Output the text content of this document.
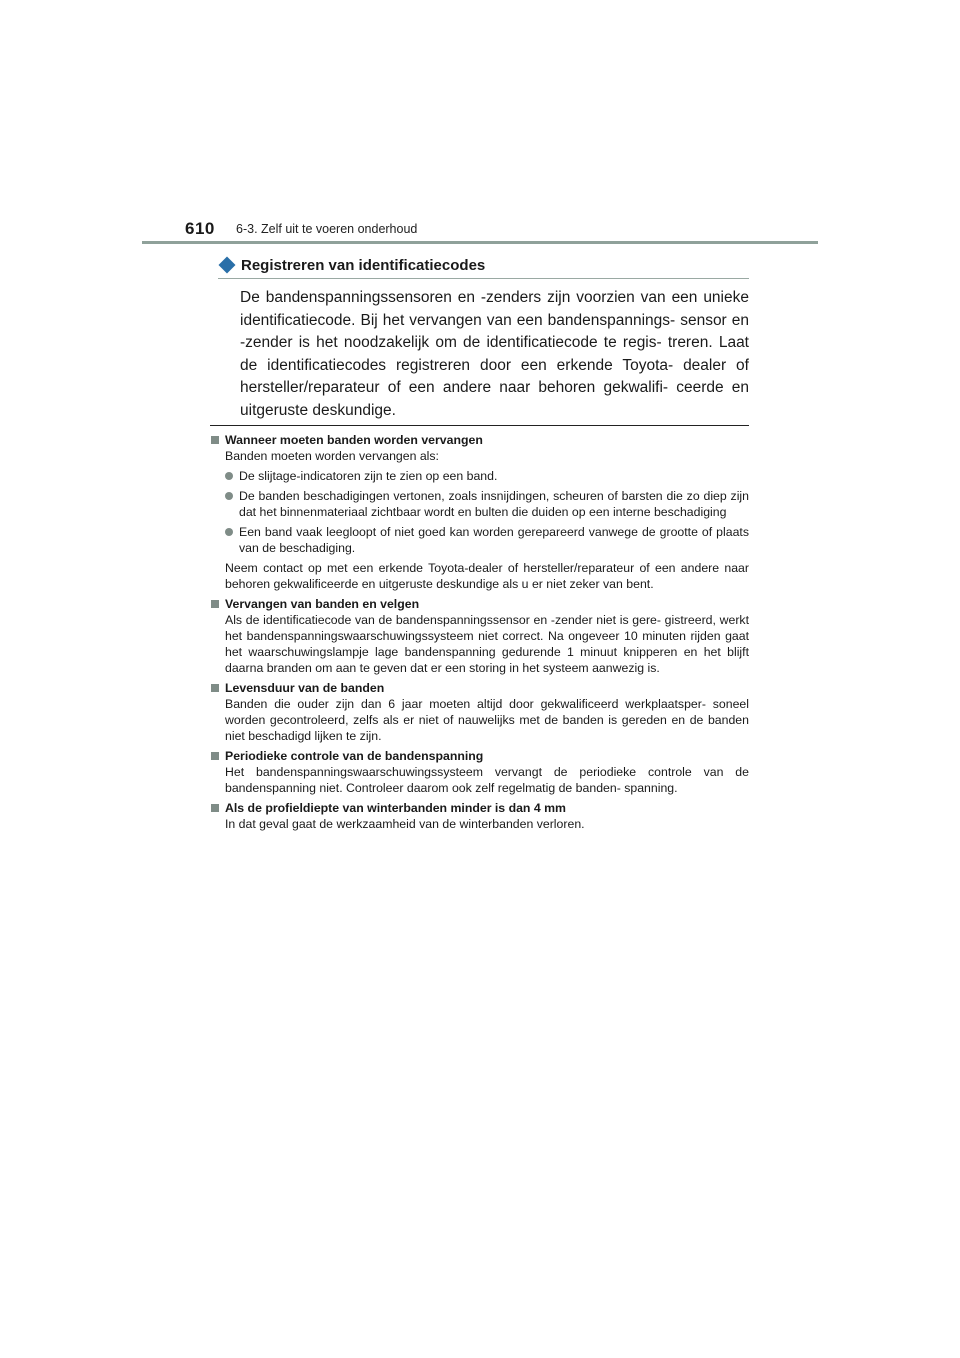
610 6-3. Zelf uit te voeren onderhoud
Registreren van identificatiecodes
De bandenspanningssensoren en -zenders zijn voorzien van een unieke identificatiecode. Bij het vervangen van een bandenspannings- sensor en -zender is het noodzakelijk om de identificatiecode te regis- treren. Laat de identificatiecodes registreren door een erkende Toyota- dealer of hersteller/reparateur of een andere naar behoren gekwalifi- ceerde en uitgeruste deskundige.
Wanneer moeten banden worden vervangen
Banden moeten worden vervangen als:
De slijtage-indicatoren zijn te zien op een band.
De banden beschadigingen vertonen, zoals insnijdingen, scheuren of barsten die zo diep zijn dat het binnenmateriaal zichtbaar wordt en bulten die duiden op een interne beschadiging
Een band vaak leegloopt of niet goed kan worden gerepareerd vanwege de grootte of plaats van de beschadiging.
Neem contact op met een erkende Toyota-dealer of hersteller/reparateur of een andere naar behoren gekwalificeerde en uitgeruste deskundige als u er niet zeker van bent.
Vervangen van banden en velgen
Als de identificatiecode van de bandenspanningssensor en -zender niet is gere- gistreerd, werkt het bandenspanningswaarschuwingssysteem niet correct. Na ongeveer 10 minuten rijden gaat het waarschuwingslampje lage bandenspanning gedurende 1 minuut knipperen en het blijft daarna branden om aan te geven dat er een storing in het systeem aanwezig is.
Levensduur van de banden
Banden die ouder zijn dan 6 jaar moeten altijd door gekwalificeerd werkplaatsper- soneel worden gecontroleerd, zelfs als er niet of nauwelijks met de banden is gereden en de banden niet beschadigd lijken te zijn.
Periodieke controle van de bandenspanning
Het bandenspanningswaarschuwingssysteem vervangt de periodieke controle van de bandenspanning niet. Controleer daarom ook zelf regelmatig de banden- spanning.
Als de profieldiepte van winterbanden minder is dan 4 mm
In dat geval gaat de werkzaamheid van de winterbanden verloren.
